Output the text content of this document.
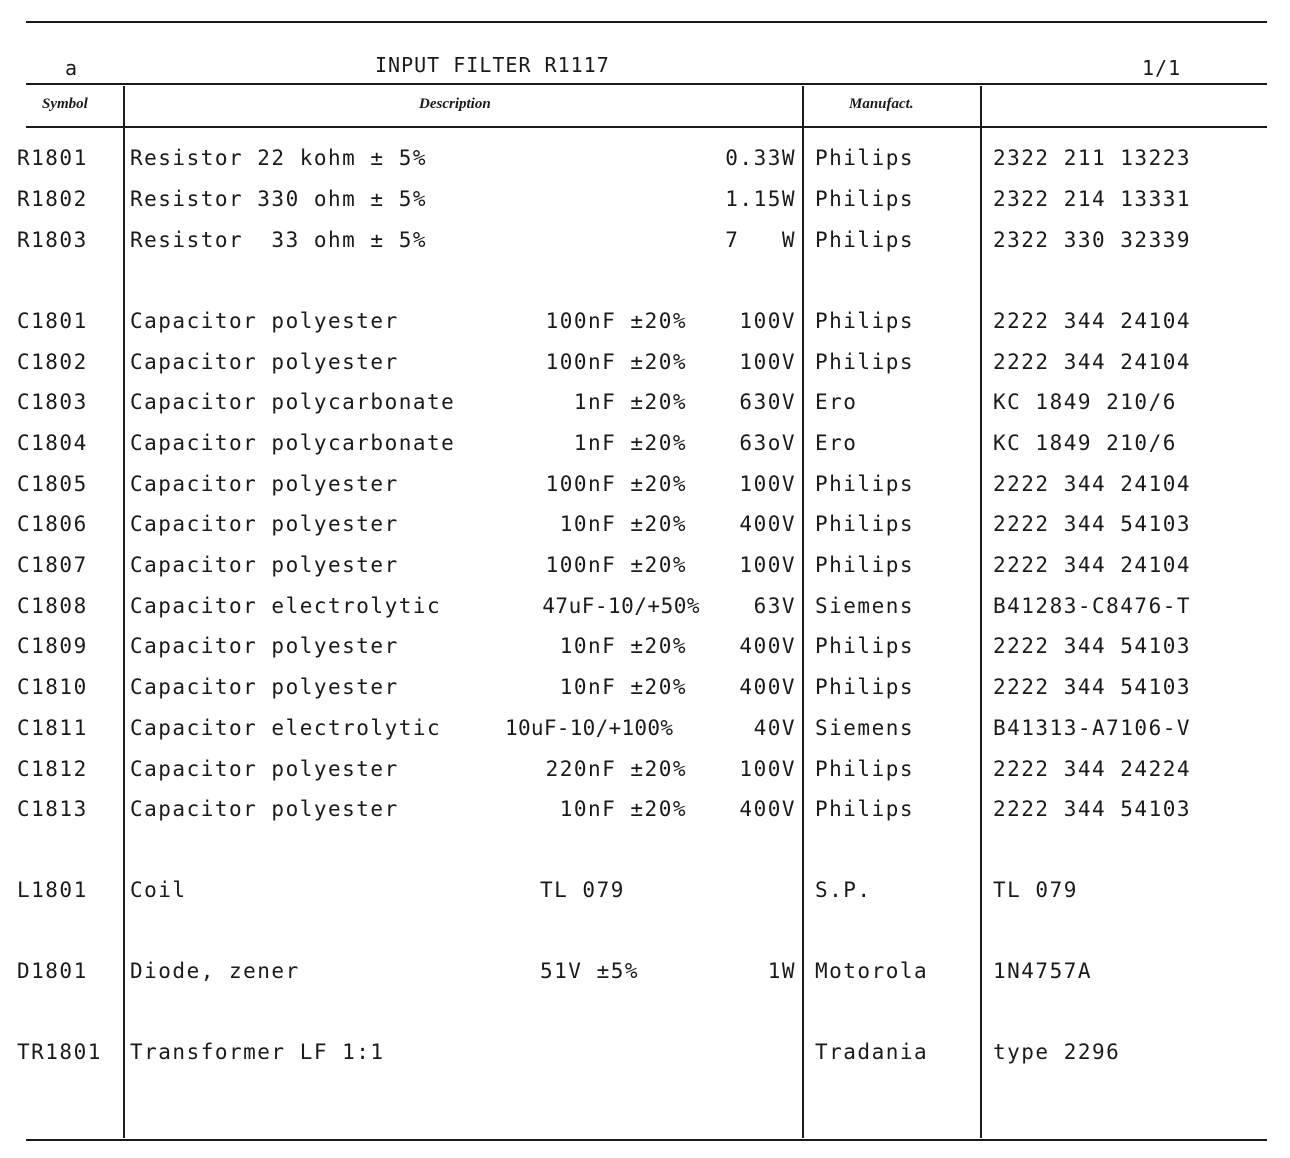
a	INPUT FILTER R1117	1/1
Symbol	Description	Manufact.
R1801 Resistor 22 kohm ± 5%	0.33W Philips	2322 211 13223
R1802 Resistor 330 ohm ± 5%	1.15W Philips	2322 214 13331
R1803 Resistor  33 ohm ± 5%	7   W Philips	2322 330 32339
C1801 Capacitor polyester	100nF ±20%	100V Philips	2222 344 24104
C1802 Capacitor polyester	100nF ±20%	100V Philips	2222 344 24104
C1803 Capacitor polycarbonate	1nF ±20%	630V Ero	KC 1849 210/6
C1804 Capacitor polycarbonate	1nF ±20%	63oV Ero	KC 1849 210/6
C1805 Capacitor polyester	100nF ±20%	100V Philips	2222 344 24104
C1806 Capacitor polyester	10nF ±20%	400V Philips	2222 344 54103
C1807 Capacitor polyester	100nF ±20%	100V Philips	2222 344 24104
C1808 Capacitor electrolytic	47uF-10/+50%	63V Siemens	B41283-C8476-T
C1809 Capacitor polyester	10nF ±20%	400V Philips	2222 344 54103
C1810 Capacitor polyester	10nF ±20%	400V Philips	2222 344 54103
C1811 Capacitor electrolytic	10uF-10/+100%	40V Siemens	B41313-A7106-V
C1812 Capacitor polyester	220nF ±20%	100V Philips	2222 344 24224
C1813 Capacitor polyester	10nF ±20%	400V Philips	2222 344 54103
L1801 Coil	TL 079	S.P.	TL 079
D1801 Diode, zener	51V ±5%	1W Motorola	1N4757A
TR1801 Transformer LF 1:1	Tradania	type 2296
